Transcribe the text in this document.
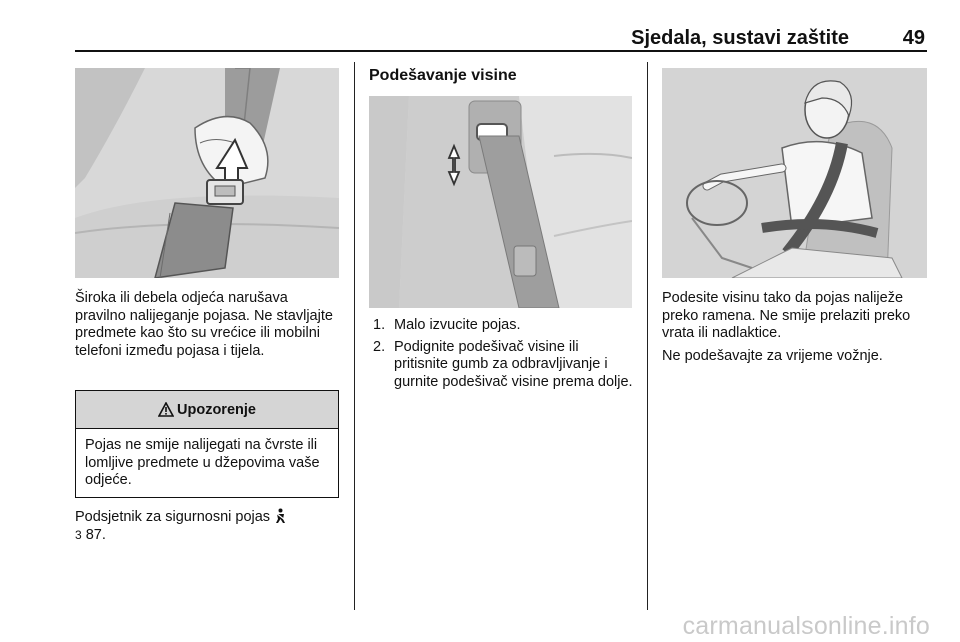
Sjedala, sustavi zaštite	49
Široka ili debela odjeća narušava pravilno nalijeganje pojasa. Ne stavljajte predmete kao što su vrećice ili mobilni telefoni između pojasa i tijela.
Upozorenje
Pojas ne smije nalijegati na čvrste ili lomljive predmete u džepovima vaše odjeće.
Podsjetnik za sigurnosni pojas
3 87.
Podešavanje visine
1. Malo izvucite pojas.
2. Podignite podešivač visine ili pritisnite gumb za odbravljivanje i gurnite podešivač visine prema dolje.
Podesite visinu tako da pojas naliježe preko ramena. Ne smije prelaziti preko vrata ili nadlaktice.
Ne podešavajte za vrijeme vožnje.
carmanualsonline.info
